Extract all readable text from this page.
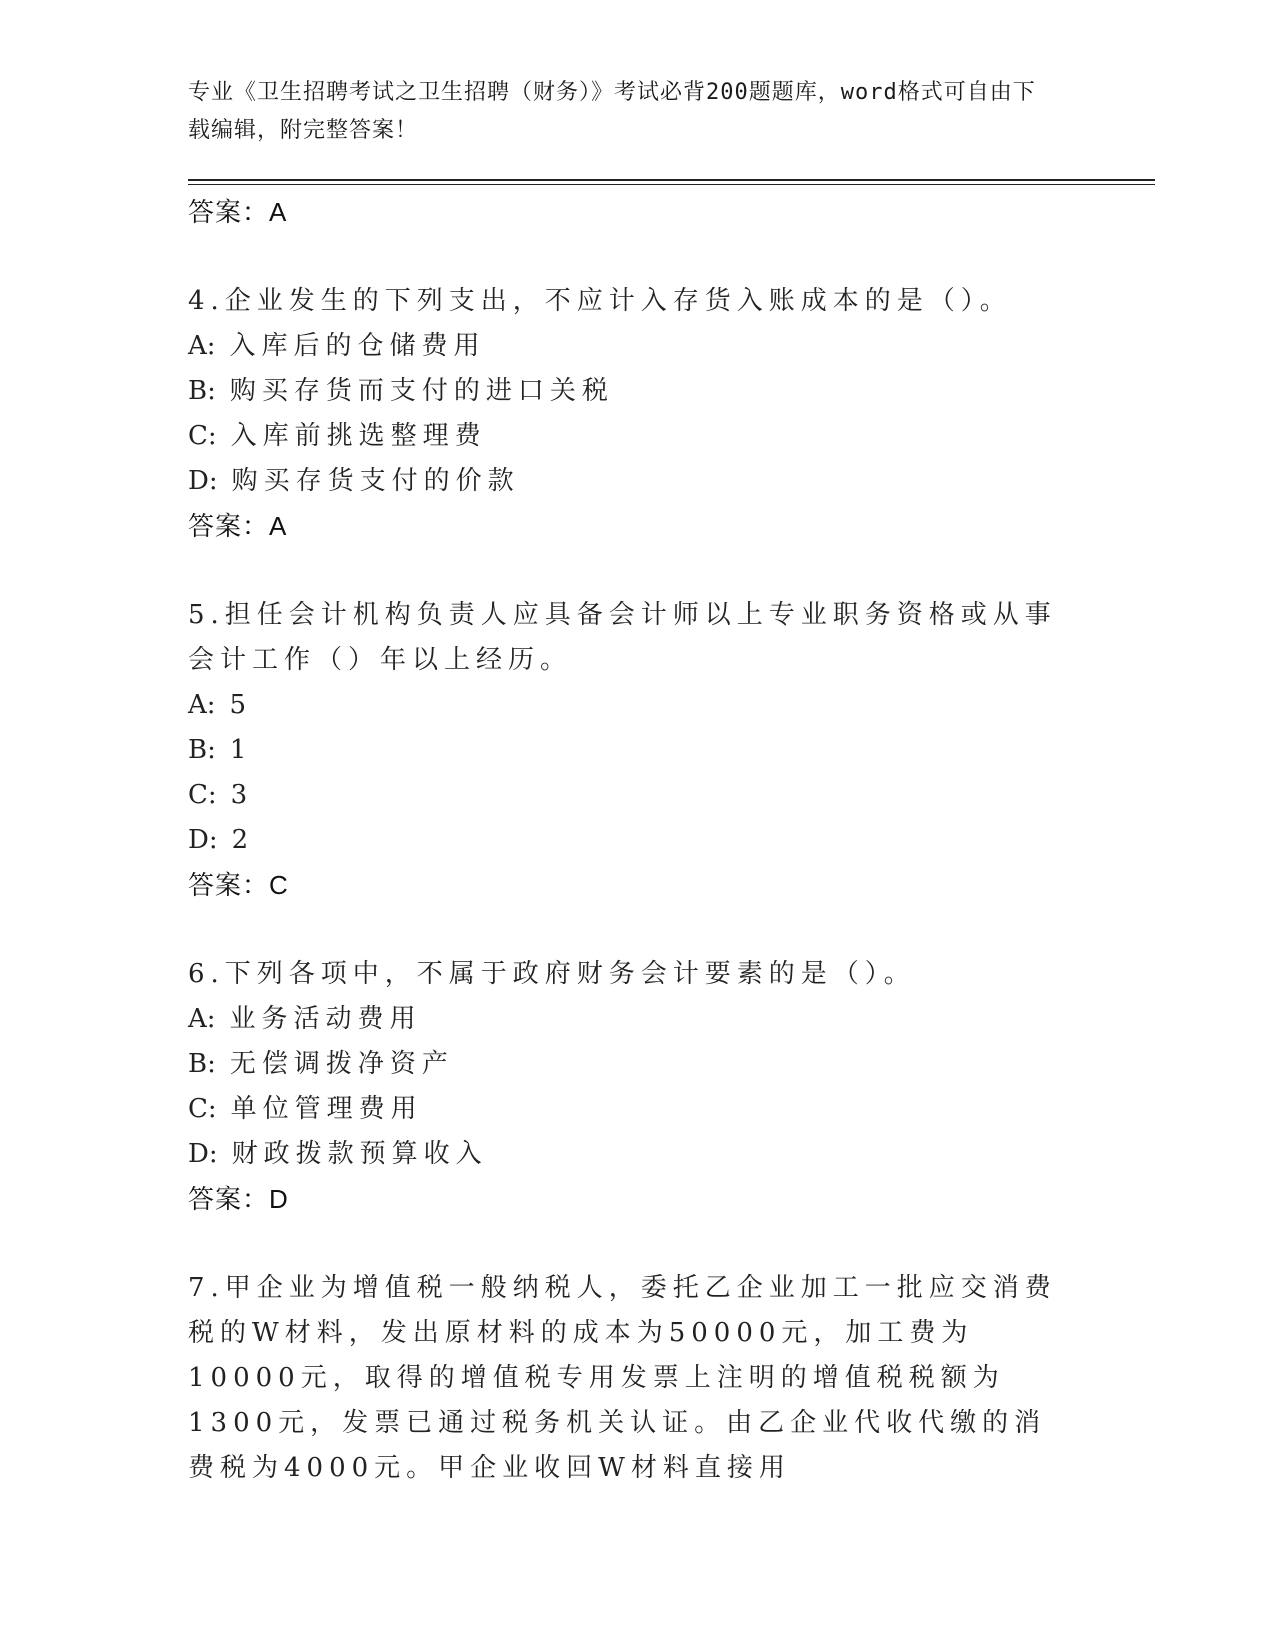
专业《卫生招聘考试之卫生招聘（财务）》考试必背200题题库，word格式可自由下载编辑，附完整答案！
答案：A
4.企业发生的下列支出，不应计入存货入账成本的是（）。
A: 入库后的仓储费用
B: 购买存货而支付的进口关税
C: 入库前挑选整理费
D: 购买存货支付的价款
答案：A
5.担任会计机构负责人应具备会计师以上专业职务资格或从事会计工作（）年以上经历。
A: 5
B: 1
C: 3
D: 2
答案：C
6.下列各项中，不属于政府财务会计要素的是（）。
A: 业务活动费用
B: 无偿调拨净资产
C: 单位管理费用
D: 财政拨款预算收入
答案：D
7.甲企业为增值税一般纳税人，委托乙企业加工一批应交消费税的W材料，发出原材料的成本为50000元，加工费为10000元，取得的增值税专用发票上注明的增值税税额为1300元，发票已通过税务机关认证。由乙企业代收代缴的消费税为4000元。甲企业收回W材料直接用
